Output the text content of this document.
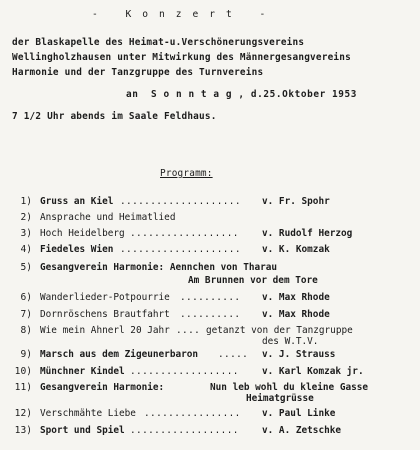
-   K o n z e r t   -
der Blaskapelle des Heimat-u.Verschönerungsvereins
Wellingholzhausen unter Mitwirkung des Männergesangvereins
Harmonie und der Tanzgruppe des Turnvereins
an  S o n n t a g , d.25.Oktober 1953
7 1/2 Uhr abends im Saale Feldhaus.
Programm:
1) Gruss an Kiel .................... v. Fr. Spohr
2) Ansprache und Heimatlied
3) Hoch Heidelberg .................. v. Rudolf Herzog
4) Fiedeles Wien .................... v. K. Komzak
5) Gesangverein Harmonie: Aennchen von Tharau
Am Brunnen vor dem Tore
6) Wanderlieder-Potpourrie .......... v. Max Rhode
7) Dornröschens Brautfahrt .......... v. Max Rhode
8) Wie mein Ahnerl 20 Jahr .... getanzt von der Tanzgruppe
des W.T.V.
9) Marsch aus dem Zigeunerbaron ..... v. J. Strauss
10) Münchner Kindel .................. v. Karl Komzak jr.
11) Gesangverein Harmonie:	Nun leb wohl du kleine Gasse
Heimatgrüsse
12) Verschmähte Liebe ................ v. Paul Linke
13) Sport und Spiel .................. v. A. Zetschke
